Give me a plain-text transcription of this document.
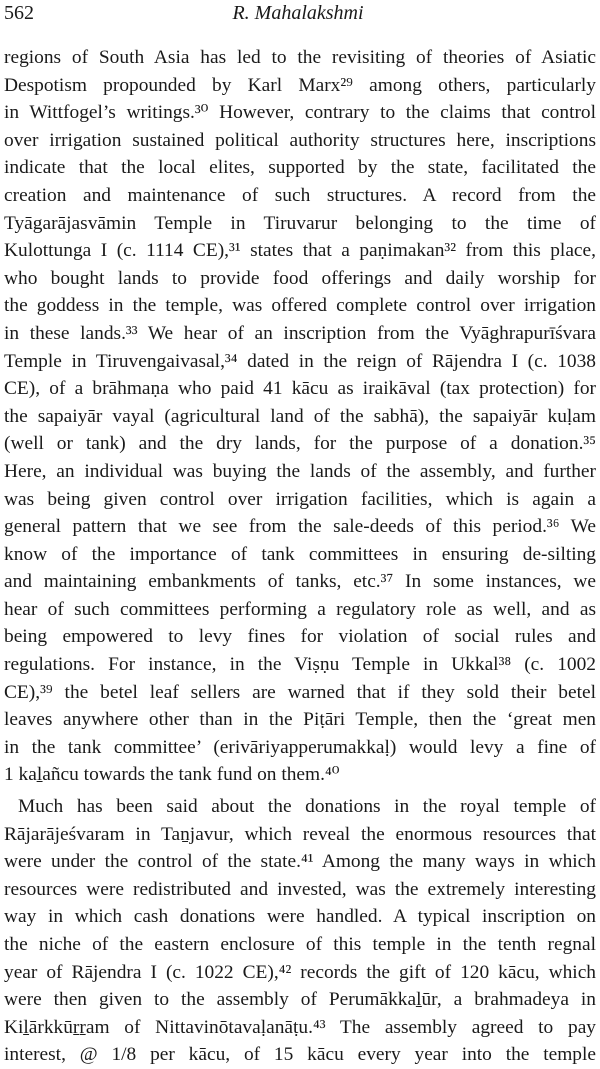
562	R. Mahalakshmi
regions of South Asia has led to the revisiting of theories of Asiatic
Despotism propounded by Karl Marx²⁹ among others, particularly
in Wittfogel’s writings.³⁰ However, contrary to the claims that control
over irrigation sustained political authority structures here, inscriptions
indicate that the local elites, supported by the state, facilitated the
creation and maintenance of such structures. A record from the
Tyāgarājasvāmin Temple in Tiruvarur belonging to the time of
Kulottunga I (c. 1114 CE),³¹ states that a paṇimakan³² from this place,
who bought lands to provide food offerings and daily worship for
the goddess in the temple, was offered complete control over irrigation
in these lands.³³ We hear of an inscription from the Vyāghrapurīśvara
Temple in Tiruvengaivasal,³⁴ dated in the reign of Rājendra I (c. 1038
CE), of a brāhmaṇa who paid 41 kācu as iraikāval (tax protection) for
the sapaiyār vayal (agricultural land of the sabhā), the sapaiyār kuḷam
(well or tank) and the dry lands, for the purpose of a donation.³⁵
Here, an individual was buying the lands of the assembly, and further
was being given control over irrigation facilities, which is again a
general pattern that we see from the sale-deeds of this period.³⁶ We
know of the importance of tank committees in ensuring de-silting
and maintaining embankments of tanks, etc.³⁷ In some instances, we
hear of such committees performing a regulatory role as well, and as
being empowered to levy fines for violation of social rules and
regulations. For instance, in the Viṣṇu Temple in Ukkal³⁸ (c. 1002
CE),³⁹ the betel leaf sellers are warned that if they sold their betel
leaves anywhere other than in the Piṭāri Temple, then the ‘great men
in the tank committee’ (erivāriyapperumakkaḷ) would levy a fine of
1 kaḻañcu towards the tank fund on them.⁴⁰
Much has been said about the donations in the royal temple of
Rājarājeśvaram in Taṉjavur, which reveal the enormous resources that
were under the control of the state.⁴¹ Among the many ways in which
resources were redistributed and invested, was the extremely interesting
way in which cash donations were handled. A typical inscription on
the niche of the eastern enclosure of this temple in the tenth regnal
year of Rājendra I (c. 1022 CE),⁴² records the gift of 120 kācu, which
were then given to the assembly of Perumākkaḻūr, a brahmadeya in
Kiḻārkkūṟṟam of Nittavinōtavaḷanāṭu.⁴³ The assembly agreed to pay
interest, @ 1/8 per kācu, of 15 kācu every year into the temple
